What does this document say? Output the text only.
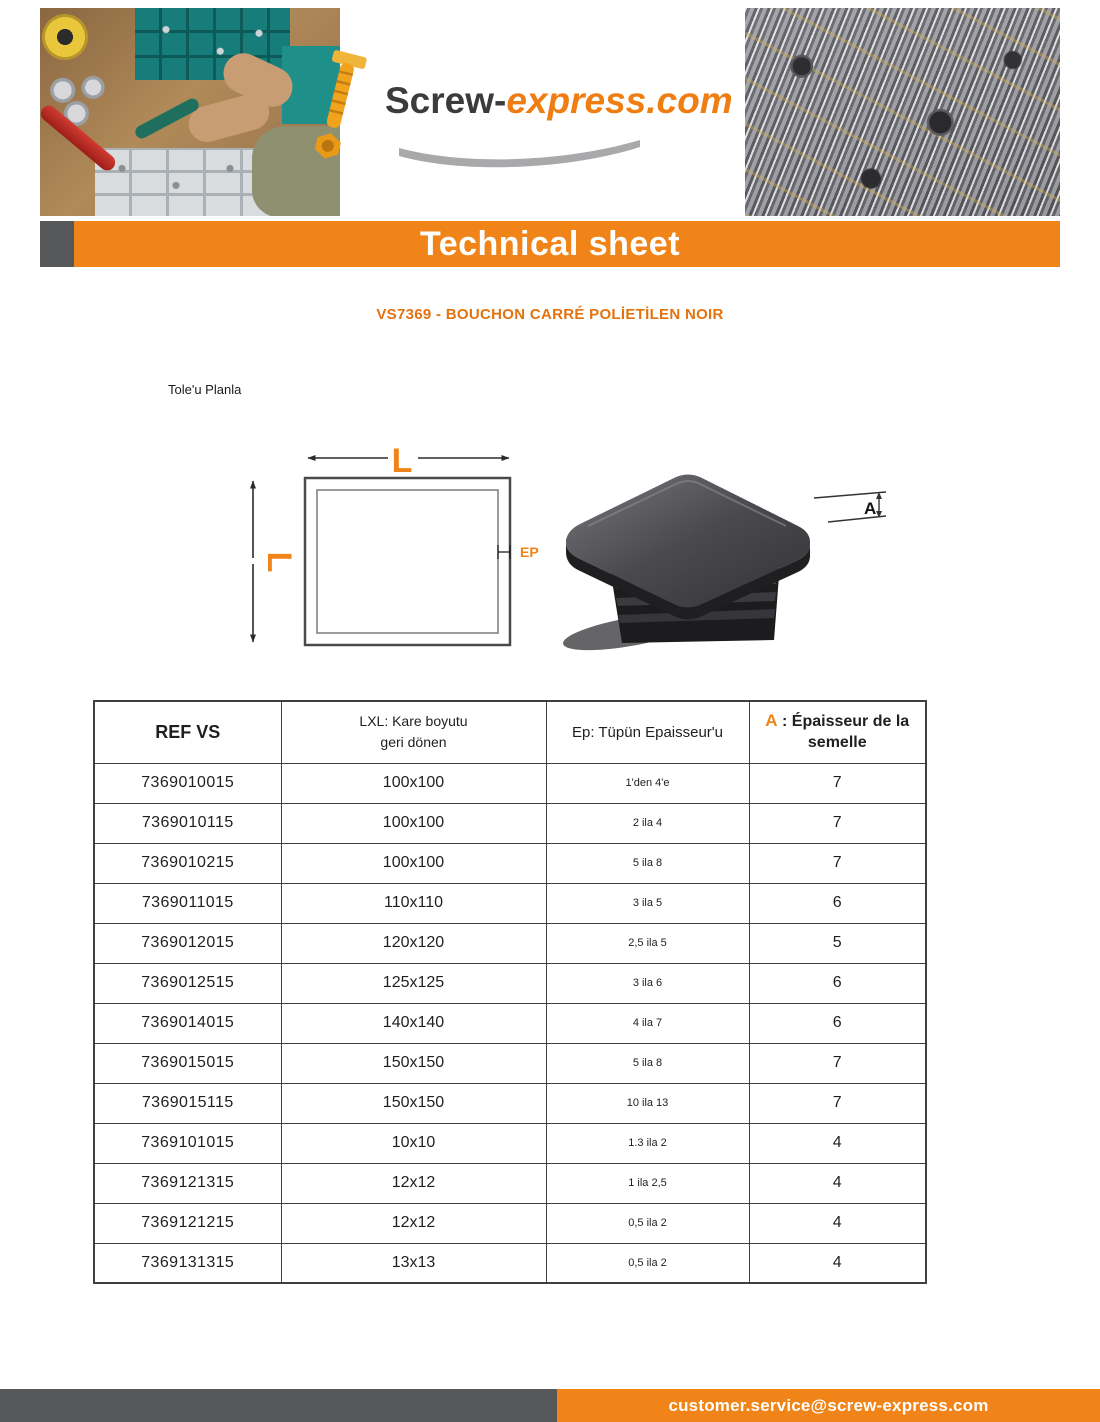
Screw-express.com
Technical sheet
VS7369 - BOUCHON CARRÉ POLİETİLEN NOIR
Tole'u Planla
L
L	EP
A
REF VS	LXL: Kare boyutu
geri dönen	Ep: Tüpün Epaisseur'u	A : Épaisseur de la semelle

7369010015	100x100	1'den 4'e	7
7369010115	100x100	2 ila 4	7
7369010215	100x100	5 ila 8	7
7369011015	110x110	3 ila 5	6
7369012015	120x120	2,5 ila 5	5
7369012515	125x125	3 ila 6	6
7369014015	140x140	4 ila 7	6
7369015015	150x150	5 ila 8	7
7369015115	150x150	10 ila 13	7
7369101015	10x10	1.3 ila 2	4
7369121315	12x12	1 ila 2,5	4
7369121215	12x12	0,5 ila 2	4
7369131315	13x13	0,5 ila 2	4
customer.service@screw-express.com
